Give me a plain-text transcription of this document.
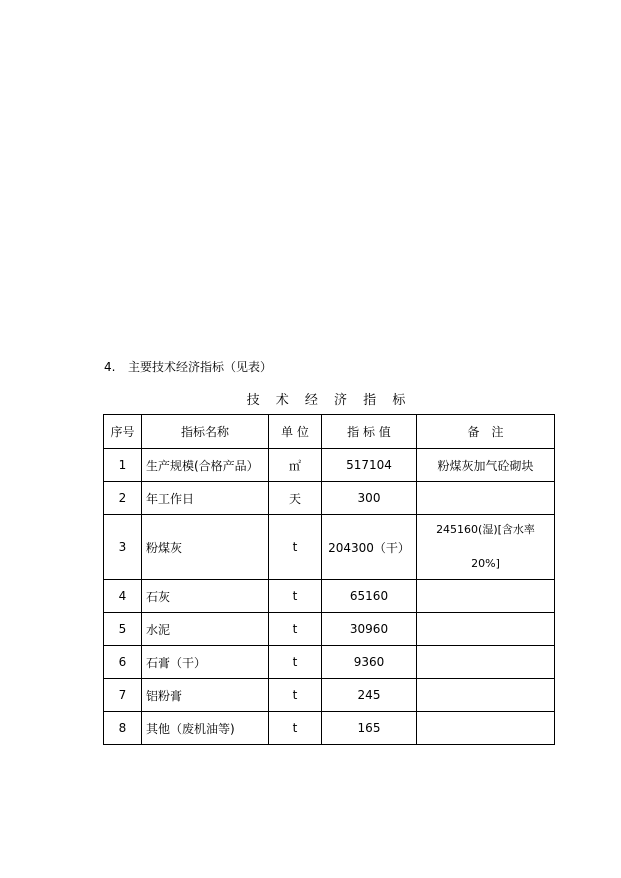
4. 主要技术经济指标（见表）
技 术 经 济 指 标
序号	指标名称	单 位	指 标 值	备　注
1	生产规模(合格产品）	㎡	517104	粉煤灰加气砼砌块
2	年工作日	天	300	
3	粉煤灰	t	204300（干）	245160(湿)[含水率
20%]

4	石灰	t	65160	
5	水泥	t	30960	
6	石膏（干）	t	9360	
7	铝粉膏	t	245	
8	其他（废机油等)	t	165	
